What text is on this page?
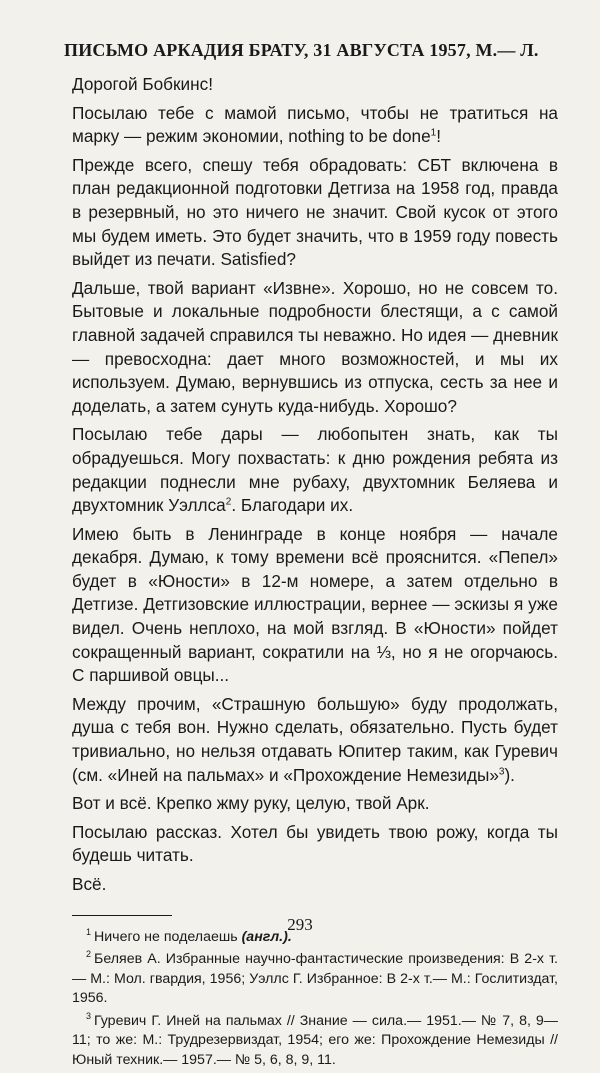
ПИСЬМО АРКАДИЯ БРАТУ, 31 АВГУСТА 1957, М.— Л.

Дорогой Бобкинс!

Посылаю тебе с мамой письмо, чтобы не тратиться на марку — режим экономии, nothing to be done$^1$!

Прежде всего, спешу тебя обрадовать: СБТ включена в план редакционной подготовки Детгиза на 1958 год, правда в резервный, но это ничего не значит. Свой кусок от этого мы будем иметь. Это будет значить, что в 1959 году повесть выйдет из печати. Satisfied?

Дальше, твой вариант «Извне». Хорошо, но не совсем то. Бытовые и локальные подробности блестящи, а с самой главной задачей справился ты неважно. Но идея — дневник — превосходна: дает много возможностей, и мы их используем. Думаю, вернувшись из отпуска, сесть за нее и доделать, а затем сунуть куда-нибудь. Хорошо?

Посылаю тебе дары — любопытен знать, как ты обрадуешься. Могу похвастать: к дню рождения ребята из редакции поднесли мне рубаху, двухтомник Беляева и двухтомник Уэллса$^2$. Благодари их.

Имею быть в Ленинграде в конце ноября — начале декабря. Думаю, к тому времени всё прояснится. «Пепел» будет в «Юности» в 12-м номере, а затем отдельно в Детгизе. Детгизовские иллюстрации, вернее — эскизы я уже видел. Очень неплохо, на мой взгляд. В «Юности» пойдет сокращенный вариант, сократили на ⅓, но я не огорчаюсь. С паршивой овцы...

Между прочим, «Страшную большую» буду продолжать, душа с тебя вон. Нужно сделать, обязательно. Пусть будет тривиально, но нельзя отдавать Юпитер таким, как Гуревич (см. «Иней на пальмах» и «Прохождение Немезиды»$^3$).

Вот и всё. Крепко жму руку, целую, твой Арк.

Посылаю рассказ. Хотел бы увидеть твою рожу, когда ты будешь читать.

Всё.

$^1$ Ничего не поделаешь (англ.).

$^2$ Беляев А. Избранные научно-фантастические произведения: В 2-х т.— М.: Мол. гвардия, 1956; Уэллс Г. Избранное: В 2-х т.— М.: Гослитиздат, 1956.

$^3$ Гуревич Г. Иней на пальмах // Знание — сила.— 1951.— № 7, 8, 9—11; то же: М.: Трудрезервиздат, 1954; его же: Прохождение Немезиды // Юный техник.— 1957.— № 5, 6, 8, 9, 11.

293
